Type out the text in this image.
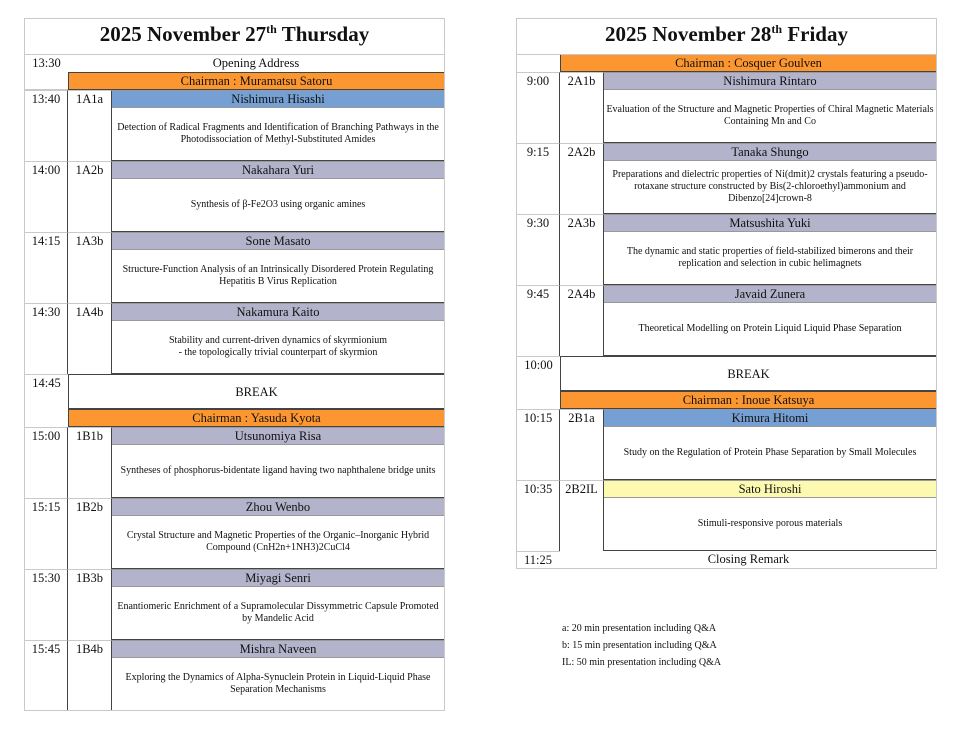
2025 November 27th Thursday
13:30	Opening Address
Chairman : Muramatsu Satoru
13:40	1A1a	Nishimura Hisashi
Detection of Radical Fragments and Identification of Branching Pathways in the Photodissociation of Methyl-Substituted Amides
14:00	1A2b	Nakahara Yuri
Synthesis of β-Fe2O3 using organic amines
14:15	1A3b	Sone Masato
Structure-Function Analysis of an Intrinsically Disordered Protein Regulating Hepatitis B Virus Replication
14:30	1A4b	Nakamura Kaito
Stability and current-driven dynamics of skyrmionium
- the topologically trivial counterpart of skyrmion
14:45
BREAK
Chairman : Yasuda Kyota
15:00	1B1b	Utsunomiya Risa
Syntheses of phosphorus-bidentate ligand having two naphthalene bridge units
15:15	1B2b	Zhou Wenbo
Crystal Structure and Magnetic Properties of the Organic–Inorganic Hybrid Compound (CnH2n+1NH3)2CuCl4
15:30	1B3b	Miyagi Senri
Enantiomeric Enrichment of a Supramolecular Dissymmetric Capsule Promoted by Mandelic Acid
15:45	1B4b	Mishra Naveen
Exploring the Dynamics of Alpha-Synuclein Protein in Liquid-Liquid Phase Separation Mechanisms
2025 November 28th Friday
Chairman : Cosquer Goulven
9:00	2A1b	Nishimura Rintaro
Evaluation of the Structure and Magnetic Properties of Chiral Magnetic Materials Containing Mn and Co
9:15	2A2b	Tanaka Shungo
Preparations and dielectric properties of Ni(dmit)2 crystals featuring a pseudo-rotaxane structure constructed by Bis(2-chloroethyl)ammonium and Dibenzo[24]crown-8
9:30	2A3b	Matsushita Yuki
The dynamic and static properties of field-stabilized bimerons and their replication and selection in cubic helimagnets
9:45	2A4b	Javaid Zunera
Theoretical Modelling on Protein Liquid Liquid Phase Separation
10:00
BREAK
Chairman : Inoue Katsuya
10:15	2B1a	Kimura Hitomi
Study on the Regulation of Protein Phase Separation by Small Molecules
10:35	2B2IL	Sato Hiroshi
Stimuli-responsive porous materials
11:25	Closing Remark
a: 20 min presentation including Q&A
b: 15 min presentation including Q&A
IL: 50 min presentation including Q&A
